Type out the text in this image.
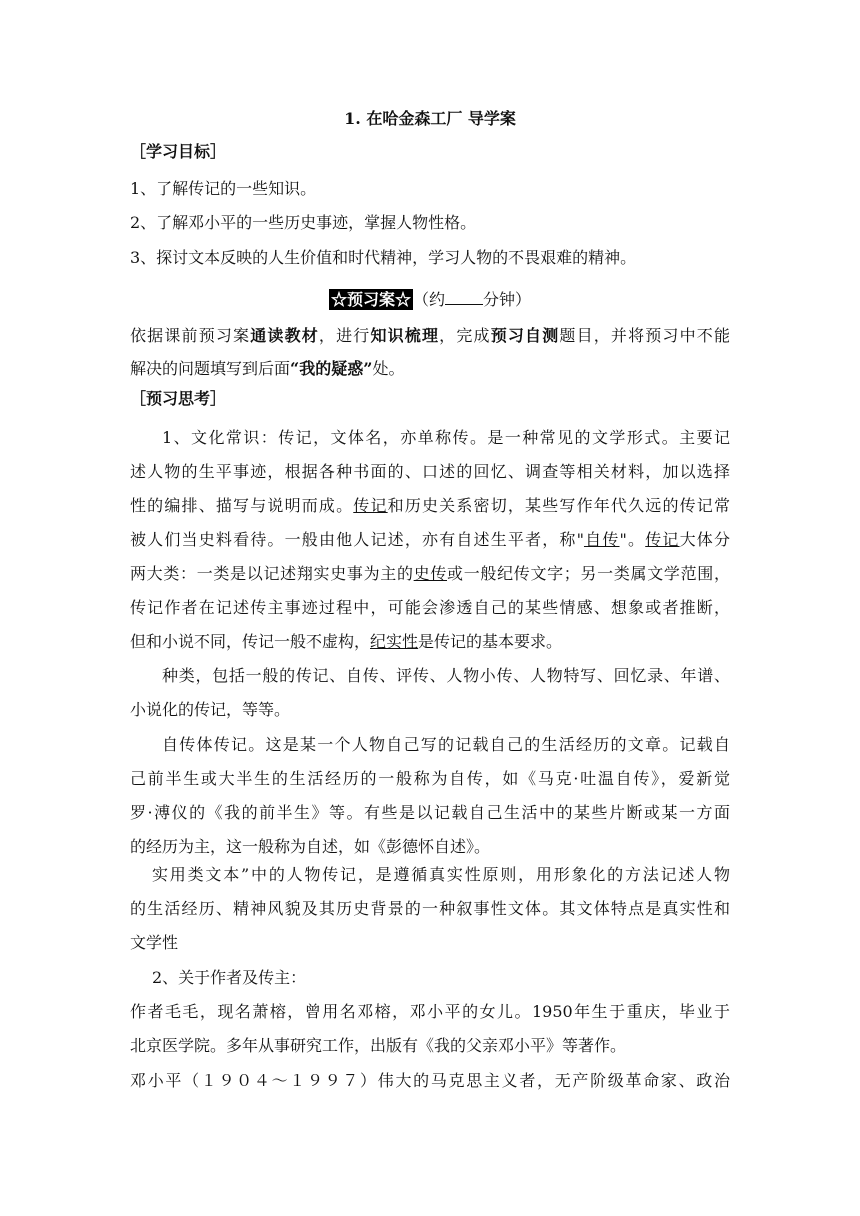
1. 在哈金森工厂 导学案
［学习目标］
1、了解传记的一些知识。
2、了解邓小平的一些历史事迹，掌握人物性格。
3、探讨文本反映的人生价值和时代精神，学习人物的不畏艰难的精神。
☆预习案☆ （约 分钟）
依据课前预习案通读教材，进行知识梳理，完成预习自测题目，并将预习中不能
解决的问题填写到后面“我的疑惑”处。
［预习思考］
1、文化常识：传记，文体名，亦单称传。是一种常见的文学形式。主要记
述人物的生平事迹，根据各种书面的、口述的回忆、调查等相关材料，加以选择
性的编排、描写与说明而成。传记和历史关系密切，某些写作年代久远的传记常
被人们当史料看待。一般由他人记述，亦有自述生平者，称"自传"。传记大体分
两大类：一类是以记述翔实史事为主的史传或一般纪传文字；另一类属文学范围，
传记作者在记述传主事迹过程中，可能会渗透自己的某些情感、想象或者推断，
但和小说不同，传记一般不虚构，纪实性是传记的基本要求。
种类，包括一般的传记、自传、评传、人物小传、人物特写、回忆录、年谱、
小说化的传记，等等。
自传体传记。这是某一个人物自己写的记载自己的生活经历的文章。记载自
己前半生或大半生的生活经历的一般称为自传，如《马克·吐温自传》，爱新觉
罗·溥仪的《我的前半生》等。有些是以记载自己生活中的某些片断或某一方面
的经历为主，这一般称为自述，如《彭德怀自述》。
实用类文本”中的人物传记，是遵循真实性原则，用形象化的方法记述人物
的生活经历、精神风貌及其历史背景的一种叙事性文体。其文体特点是真实性和
文学性
2、关于作者及传主：
作者毛毛，现名萧榕，曾用名邓榕，邓小平的女儿。1950年生于重庆，毕业于
北京医学院。多年从事研究工作，出版有《我的父亲邓小平》等著作。
邓小平（１９０４～１９９７）伟大的马克思主义者，无产阶级革命家、政治
